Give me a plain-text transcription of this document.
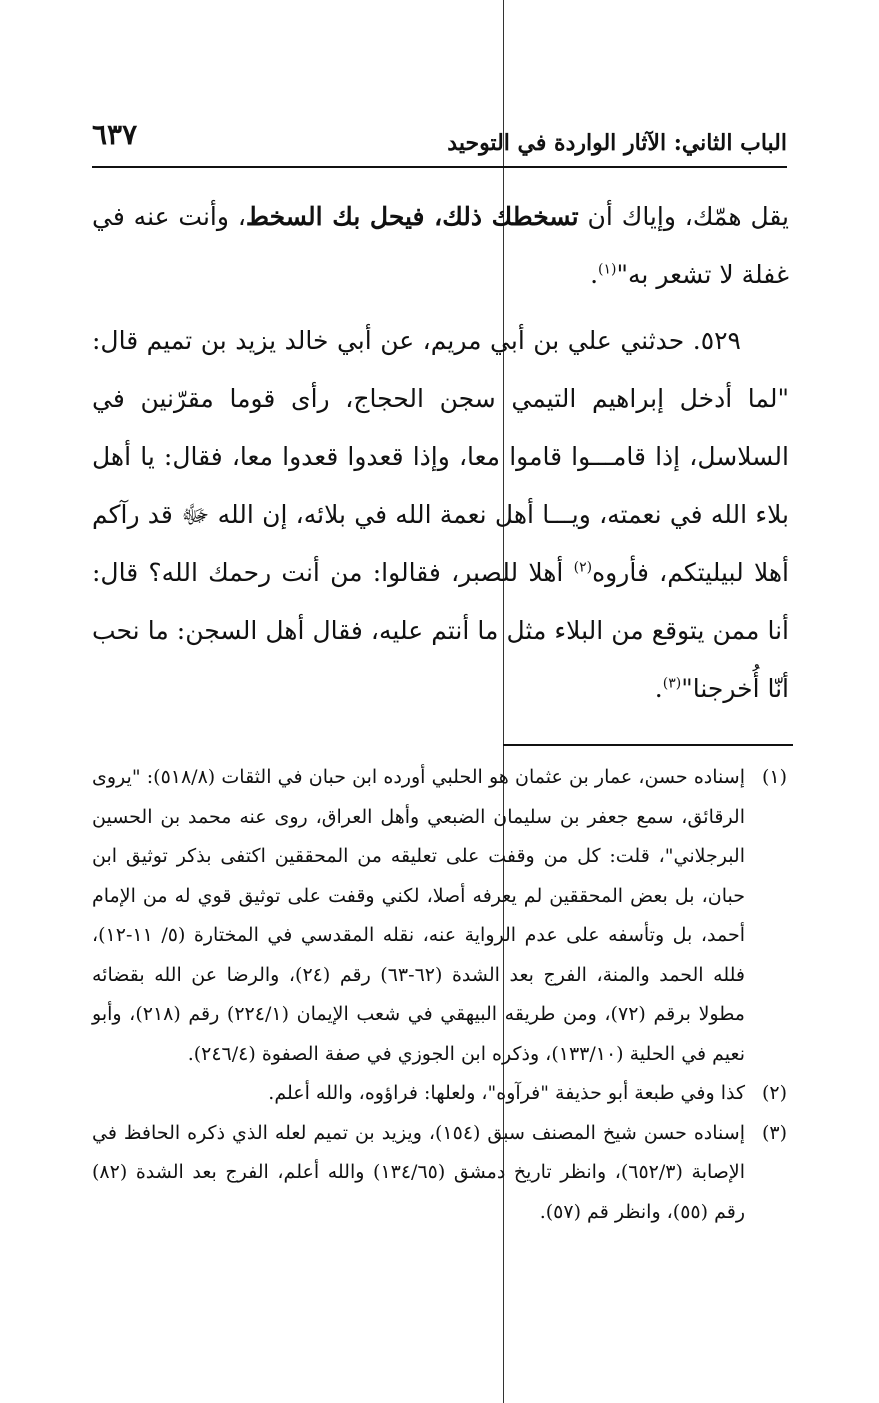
الباب الثاني: الآثار الواردة في التوحيد
٦٣٧

يقل همّك، وإياك أن تسخطك ذلك، فيحل بك السخط، وأنت عنه في غفلة لا تشعر به"$^{(١)}$.

٥٢٩. حدثني علي بن أبي مريم، عن أبي خالد يزيد بن تميم قال: "لما أدخل إبراهيم التيمي سجن الحجاج، رأى قوما مقرّنين في السلاسل، إذا قامـــوا قاموا معا، وإذا قعدوا قعدوا معا، فقال: يا أهل بلاء الله في نعمته، ويـــا أهل نعمة الله في بلائه، إن الله ﷻ قد رآكم أهلا لبيليتكم، فأروه$^{(٢)}$ أهلا للصبر، فقالوا: من أنت رحمك الله؟ قال: أنا ممن يتوقع من البلاء مثل ما أنتم عليه، فقال أهل السجن: ما نحب أنّا أُخرجنا"$^{(٣)}$.

(١)
إسناده حسن، عمار بن عثمان هو الحلبي أورده ابن حبان في الثقات (٥١٨/٨): "يروى الرقائق، سمع جعفر بن سليمان الضبعي وأهل العراق، روى عنه محمد بن الحسين البرجلاني"، قلت: كل من وقفت على تعليقه من المحققين اكتفى بذكر توثيق ابن حبان، بل بعض المحققين لم يعرفه أصلا، لكني وقفت على توثيق قوي له من الإمام أحمد، بل وتأسفه على عدم الرواية عنه، نقله المقدسي في المختارة (٥/ ١١-١٢)، فلله الحمد والمنة، الفرج بعد الشدة (٦٢-٦٣) رقم (٢٤)، والرضا عن الله بقضائه مطولا برقم (٧٢)، ومن طريقه البيهقي في شعب الإيمان (٢٢٤/١) رقم (٢١٨)، وأبو نعيم في الحلية (١٣٣/١٠)، وذكره ابن الجوزي في صفة الصفوة (٢٤٦/٤).
(٢)
كذا وفي طبعة أبو حذيفة "فرآوه"، ولعلها: فراؤوه، والله أعلم.
(٣)
إسناده حسن شيخ المصنف سبق (١٥٤)، ويزيد بن تميم لعله الذي ذكره الحافظ في الإصابة (٦٥٢/٣)، وانظر تاريخ دمشق (١٣٤/٦٥) والله أعلم، الفرج بعد الشدة (٨٢) رقم (٥٥)، وانظر قم (٥٧).
